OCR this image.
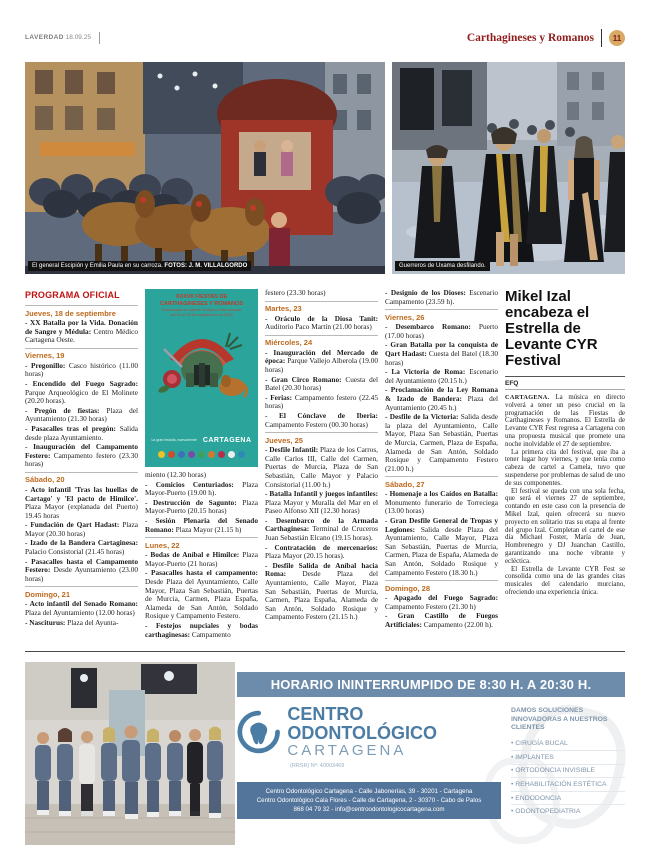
LAVERDAD 18.09.25	Carthagineses y Romanos	11
El general Escipión y Emilia Paula en su carroza. FOTOS: J. M. VILLALGORDO	Guerreros de Uxama desfilando.
PROGRAMA OFICIAL
Jueves, 18 de septiembre

- XX Batalla por la Vida. Donación de Sangre y Médula: Centro Médico Cartagena Oeste.

Viernes, 19

- Pregonillo: Casco histórico (11.00 horas)

- Encendido del Fuego Sagrado: Parque Arqueológico de El Molinete (20.20 horas).

- Pregón de fiestas: Plaza del Ayuntamiento (21.30 horas)

- Pasacalles tras el pregón: Salida desde plaza Ayuntamiento.

- Inauguración del Campamento Festero: Campamento festero (23.30 horas)

Sábado, 20

- Acto infantil 'Tras las huellas de Cartago' y 'El pacto de Himilce'. Plaza Mayor (explanada del Puerto) 19.45 horas

- Fundación de Qart Hadast: Plaza Mayor (20.30 horas)

- Izado de la Bandera Cartaginesa: Palacio Consistorial (21.45 horas)

- Pasacalles hasta el Campamento Festero: Desde Ayuntamiento (23.00 horas)

Domingo, 21

- Acto infantil del Senado Romano: Plaza del Ayuntamiento (12.00 horas)

- Nasciturus: Plaza del Ayunta-

XXXVII FIESTAS DE
CARTHAGINESES Y ROMANOS
Declaradas de Interés Turístico Internacional
del 19 al 28 de septiembre de 2025
La gran historia, nuevamente CARTAGENA

miento (12.30 horas)

- Comicios Centuriados: Plaza Mayor-Puerto (19.00 h).

- Destrucción de Sagunto: Plaza Mayor-Puerto (20.15 horas)

- Sesión Plenaria del Senado Romano: Plaza Mayor (21.15 h)

Lunes, 22

- Bodas de Aníbal e Himilce: Plaza Mayor-Puerto (21 horas)

- Pasacalles hasta el campamento: Desde Plaza del Ayuntamiento, Calle Mayor, Plaza San Sebastián, Puertas de Murcia, Carmen, Plaza España, Alameda de San Antón, Soldado Rosique y Campamento Festero.

- Festejos nupciales y bodas carthaginesas: Campamento

festero (23.30 horas)

Martes, 23

- Oráculo de la Diosa Tanit: Auditorio Paco Martín (21.00 horas)

Miércoles, 24

- Inauguración del Mercado de época: Parque Vallejo Alberola (19.00 horas)

- Gran Circo Romano: Cuesta del Batel (20.30 horas)

- Ferias: Campamento festero (22.45 horas)

- El Cónclave de Iberia: Campamento Festero (00.30 horas)

Jueves, 25

- Desfile Infantil: Plaza de los Carros, Calle Carlos III, Calle del Carmen, Puertas de Murcia, Plaza de San Sebastián, Calle Mayor y Palacio Consistorial (11.00 h.)

- Batalla Infantil y juegos infantiles: Plaza Mayor y Muralla del Mar en el Paseo Alfonso XII (12.30 horas)

- Desembarco de la Armada Carthaginesa: Terminal de Cruceros Juan Sebastián Elcano (19.15 horas).

- Contratación de mercenarios: Plaza Mayor (20.15 horas).

- Desfile Salida de Aníbal hacia Roma: Desde Plaza del Ayuntamiento, Calle Mayor, Plaza San Sebastián, Puertas de Murcia, Carmen, Plaza España, Alameda de San Antón, Soldado Rosique y Campamento Festero (21.15 h.)

- Designio de los Dioses: Escenario Campamento (23.59 h).

Viernes, 26

- Desembarco Romano: Puerto (17.00 horas)

- Gran Batalla por la conquista de Qart Hadast: Cuesta del Batel (18.30 horas)

- La Victoria de Roma: Escenario del Ayuntamiento (20.15 h.)

- Proclamación de la Ley Romana & Izado de Bandera: Plaza del Ayuntamiento (20.45 h.)

- Desfile de la Victoria: Salida desde la plaza del Ayuntamiento, Calle Mayor, Plaza San Sebastián, Puertas de Murcia, Carmen, Plaza de España, Alameda de San Antón, Soldado Rosique y Campamento Festero (21.00 h.)

Sábado, 27

- Homenaje a los Caídos en Batalla: Monumento funerario de Torreciega (13.00 horas)

- Gran Desfile General de Tropas y Legiones: Salida desde Plaza del Ayuntamiento, Calle Mayor, Plaza San Sebastián, Puertas de Murcia, Carmen, Plaza de España, Alameda de San Antón, Soldado Rosique y Campamento Festero (18.30 h.)

Domingo, 28

- Apagado del Fuego Sagrado: Campamento Festero (21.30 h)

- Gran Castillo de Fuegos Artificiales: Campamento (22.00 h).

Mikel Izal encabeza el Estrella de Levante CYR Festival
EFQ

CARTAGENA. La música en directo volverá a tener un peso crucial en la programación de las Fiestas de Carthagineses y Romanos. El Estrella de Levante CYR Fest regresa a Cartagena con una propuesta musical que promete una noche inolvidable el 27 de septiembre.

La primera cita del festival, que iba a tener lugar hoy viernes, y que tenía como cabeza de cartel a Camela, tuvo que suspenderse por problemas de salud de uno de sus componentes.

El festival se queda con una sola fecha, que será el viernes 27 de septiembre, contando en este caso con la presencia de Mikel Izal, quien ofrecerá su nuevo proyecto en solitario tras su etapa al frente del grupo Izal. Completan el cartel de ese día Michael Foster, María de Juan, Hombrenegro y DJ Juanchan Castillo, garantizando una noche vibrante y ecléctica.

El Estrella de Levante CYR Fest se consolida como una de las grandes citas musicales del calendario murciano, ofreciendo una experiencia única.

HORARIO ININTERRUMPIDO DE 8:30 H. A 20:30 H.
CENTRO ODONTOLÓGICO
CARTAGENA
(RRSR) Nº: 40003469
Centro Odontológico Cartagena - Calle Jabonerías, 39 - 30201 - Cartagena
Centro Odontológico Cala Flores - Calle de Cartagena, 2 - 30370 - Cabo de Palos
868 04 79 32 - info@centroodontologicocartagena.com
DAMOS SOLUCIONES INNOVADORAS A NUESTROS CLIENTES
• CIRUGÍA BUCAL
• IMPLANTES
• ORTODONCIA INVISIBLE
• REHABILITACIÓN ESTÉTICA
• ENDODONCIA
• ODONTOPEDIATRIA
